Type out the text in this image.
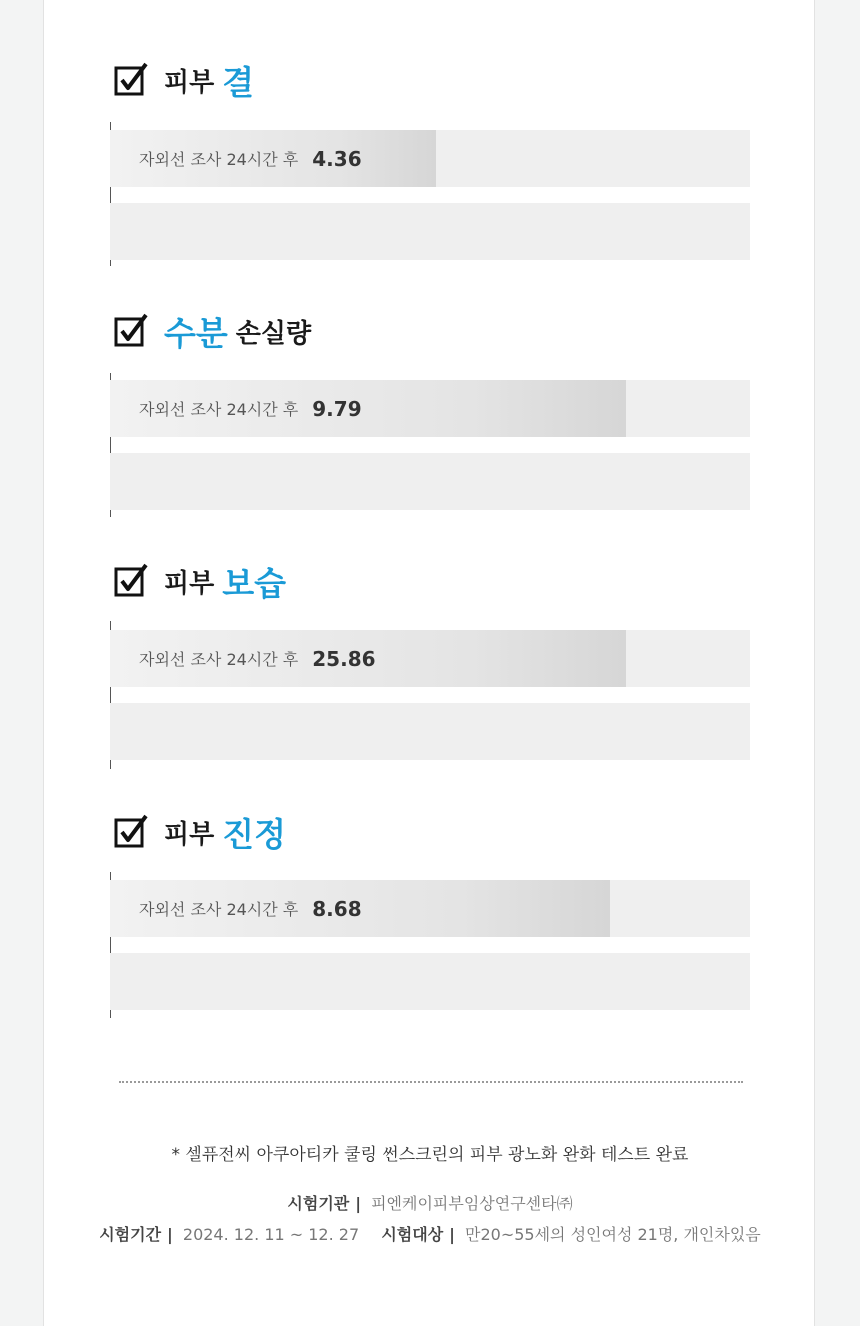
피부 결
자외선 조사 24시간 후 4.36
수분 손실량
자외선 조사 24시간 후 9.79
피부 보습
자외선 조사 24시간 후 25.86
피부 진정
자외선 조사 24시간 후 8.68
* 셀퓨전씨 아쿠아티카 쿨링 썬스크린의 피부 광노화 완화 테스트 완료
시험기관 | 피엔케이피부임상연구센타㈜
시험기간 | 2024. 12. 11 ~ 12. 27 시험대상 | 만20~55세의 성인여성 21명, 개인차있음
